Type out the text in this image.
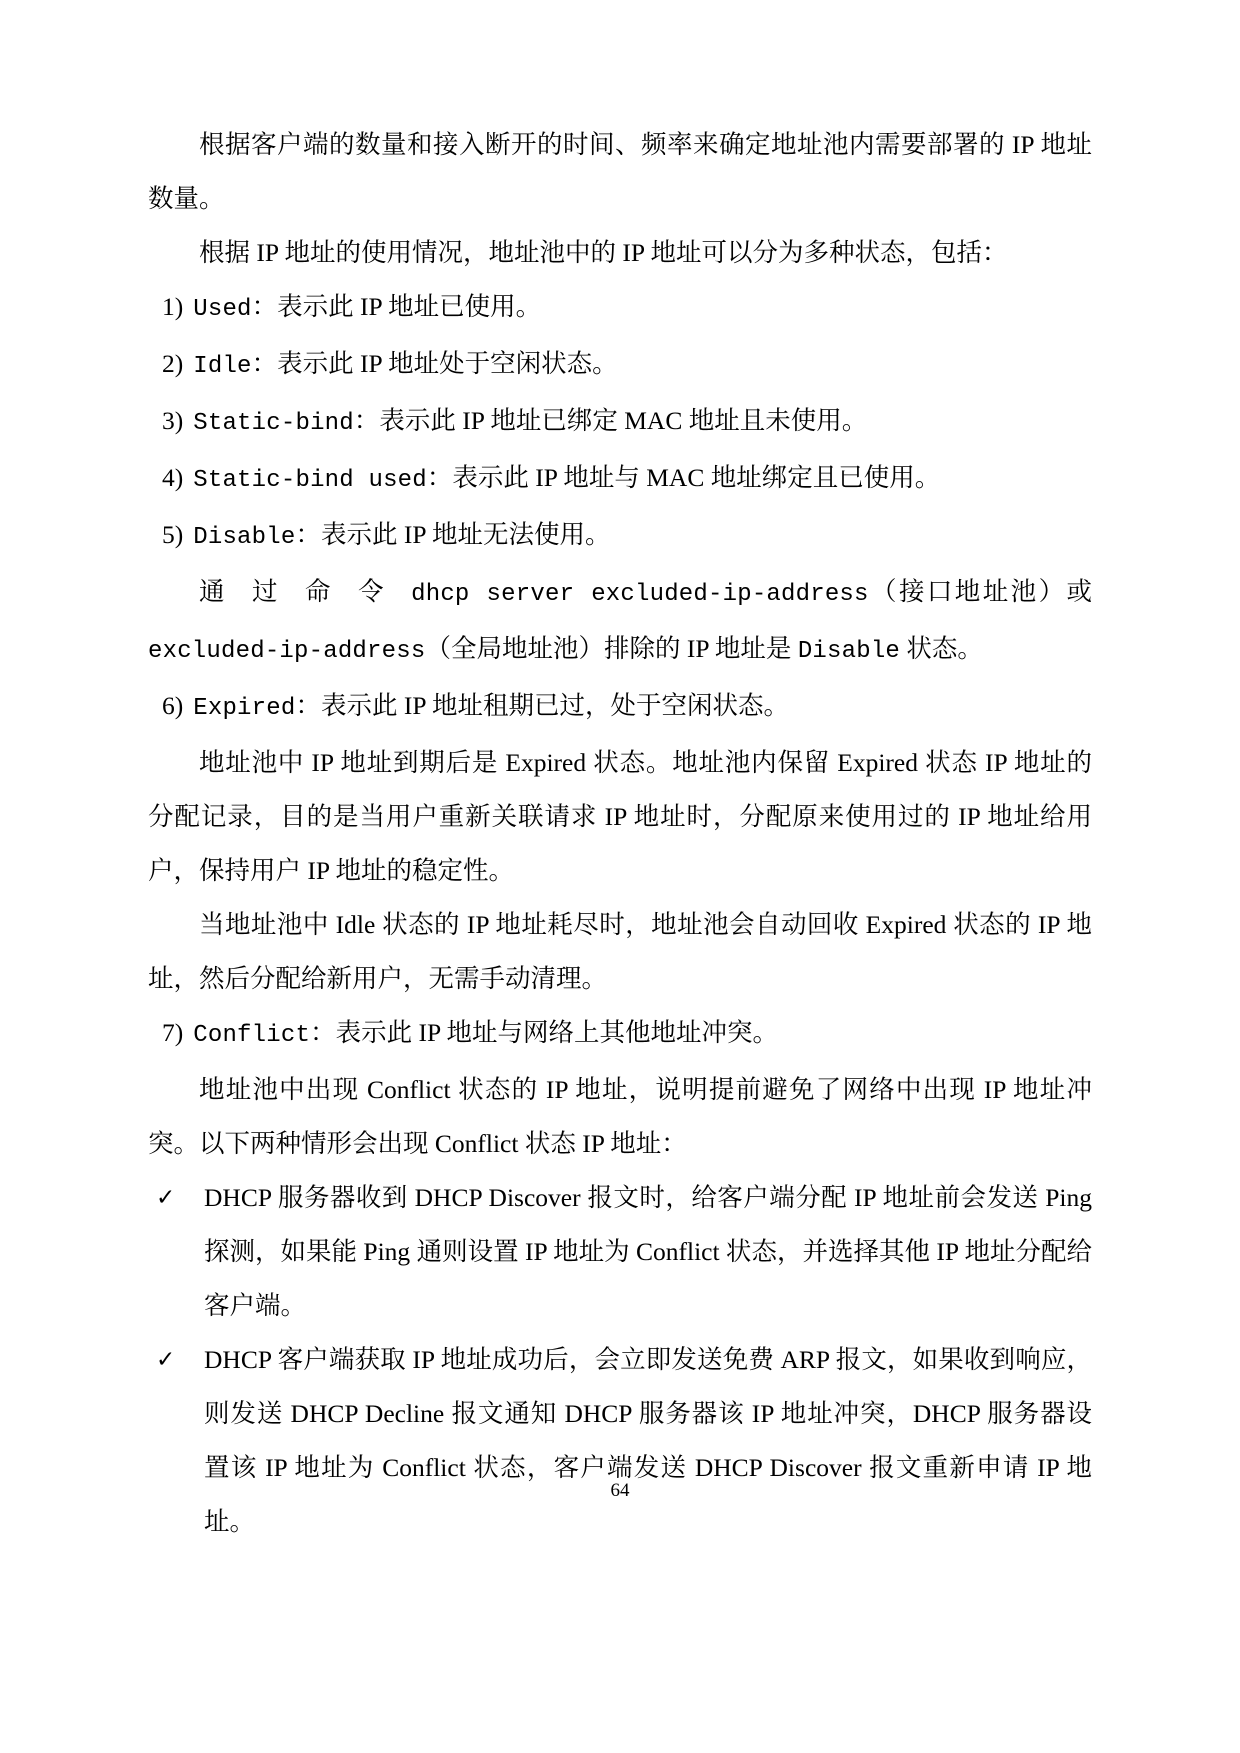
根据客户端的数量和接入断开的时间、频率来确定地址池内需要部署的 IP 地址数量。

根据 IP 地址的使用情况，地址池中的 IP 地址可以分为多种状态，包括：

1) Used：表示此 IP 地址已使用。

2) Idle：表示此 IP 地址处于空闲状态。

3) Static-bind：表示此 IP 地址已绑定 MAC 地址且未使用。

4) Static-bind used：表示此 IP 地址与 MAC 地址绑定且已使用。

5) Disable：表示此 IP 地址无法使用。

通 过 命 令 dhcp server excluded-ip-address（接口地址池）或 excluded-ip-address（全局地址池）排除的 IP 地址是 Disable 状态。

6) Expired：表示此 IP 地址租期已过，处于空闲状态。

地址池中 IP 地址到期后是 Expired 状态。地址池内保留 Expired 状态 IP 地址的分配记录，目的是当用户重新关联请求 IP 地址时，分配原来使用过的 IP 地址给用户，保持用户 IP 地址的稳定性。

当地址池中 Idle 状态的 IP 地址耗尽时，地址池会自动回收 Expired 状态的 IP 地址，然后分配给新用户，无需手动清理。

7) Conflict：表示此 IP 地址与网络上其他地址冲突。

地址池中出现 Conflict 状态的 IP 地址，说明提前避免了网络中出现 IP 地址冲突。以下两种情形会出现 Conflict 状态 IP 地址：

✓	DHCP 服务器收到 DHCP Discover 报文时，给客户端分配 IP 地址前会发送 Ping 探测，如果能 Ping 通则设置 IP 地址为 Conflict 状态，并选择其他 IP 地址分配给客户端。
✓	DHCP 客户端获取 IP 地址成功后，会立即发送免费 ARP 报文，如果收到响应，则发送 DHCP Decline 报文通知 DHCP 服务器该 IP 地址冲突，DHCP 服务器设置该 IP 地址为 Conflict 状态，客户端发送 DHCP Discover 报文重新申请 IP 地址。
64
